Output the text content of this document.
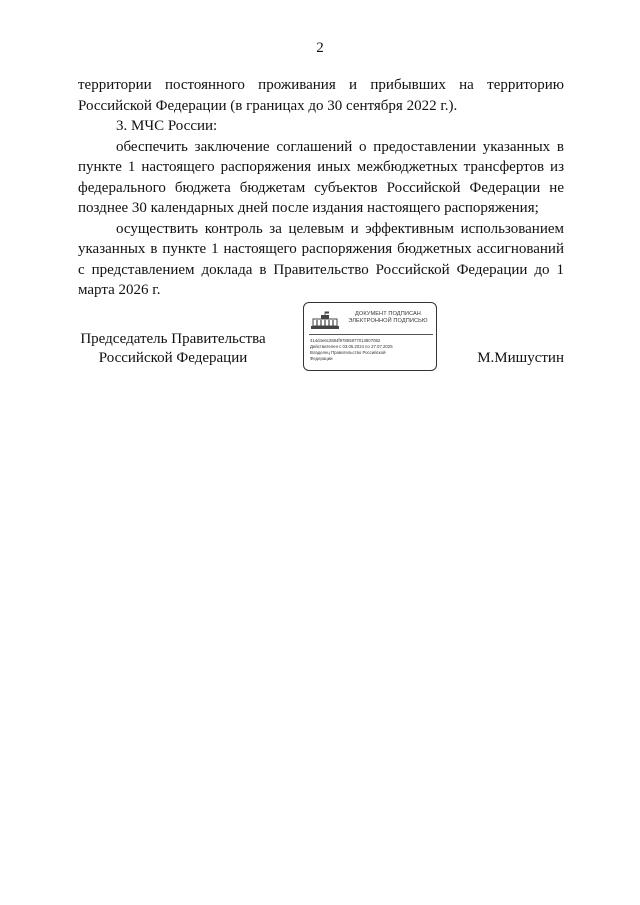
2

территории постоянного проживания и прибывших на территорию Российской Федерации (в границах до 30 сентября 2022 г.).

3. МЧС России:

обеспечить заключение соглашений о предоставлении указанных в пункте 1 настоящего распоряжения иных межбюджетных трансфертов из федерального бюджета бюджетам субъектов Российской Федерации не позднее 30 календарных дней после издания настоящего распоряжения;

осуществить контроль за целевым и эффективным использованием указанных в пункте 1 настоящего распоряжения бюджетных ассигнований с представлением доклада в Правительство Российской Федерации до 1 марта 2026 г.

Председатель Правительства
Российской Федерации
ДОКУМЕНТ ПОДПИСАН
ЭЛЕКТРОННОЙ ПОДПИСЬЮ
414d4e6c2884f97855877013807082
Действителен с 03.05.2024 по 27.07.2025
Владелец Правительство Российской
Федерации	М.Мишустин
